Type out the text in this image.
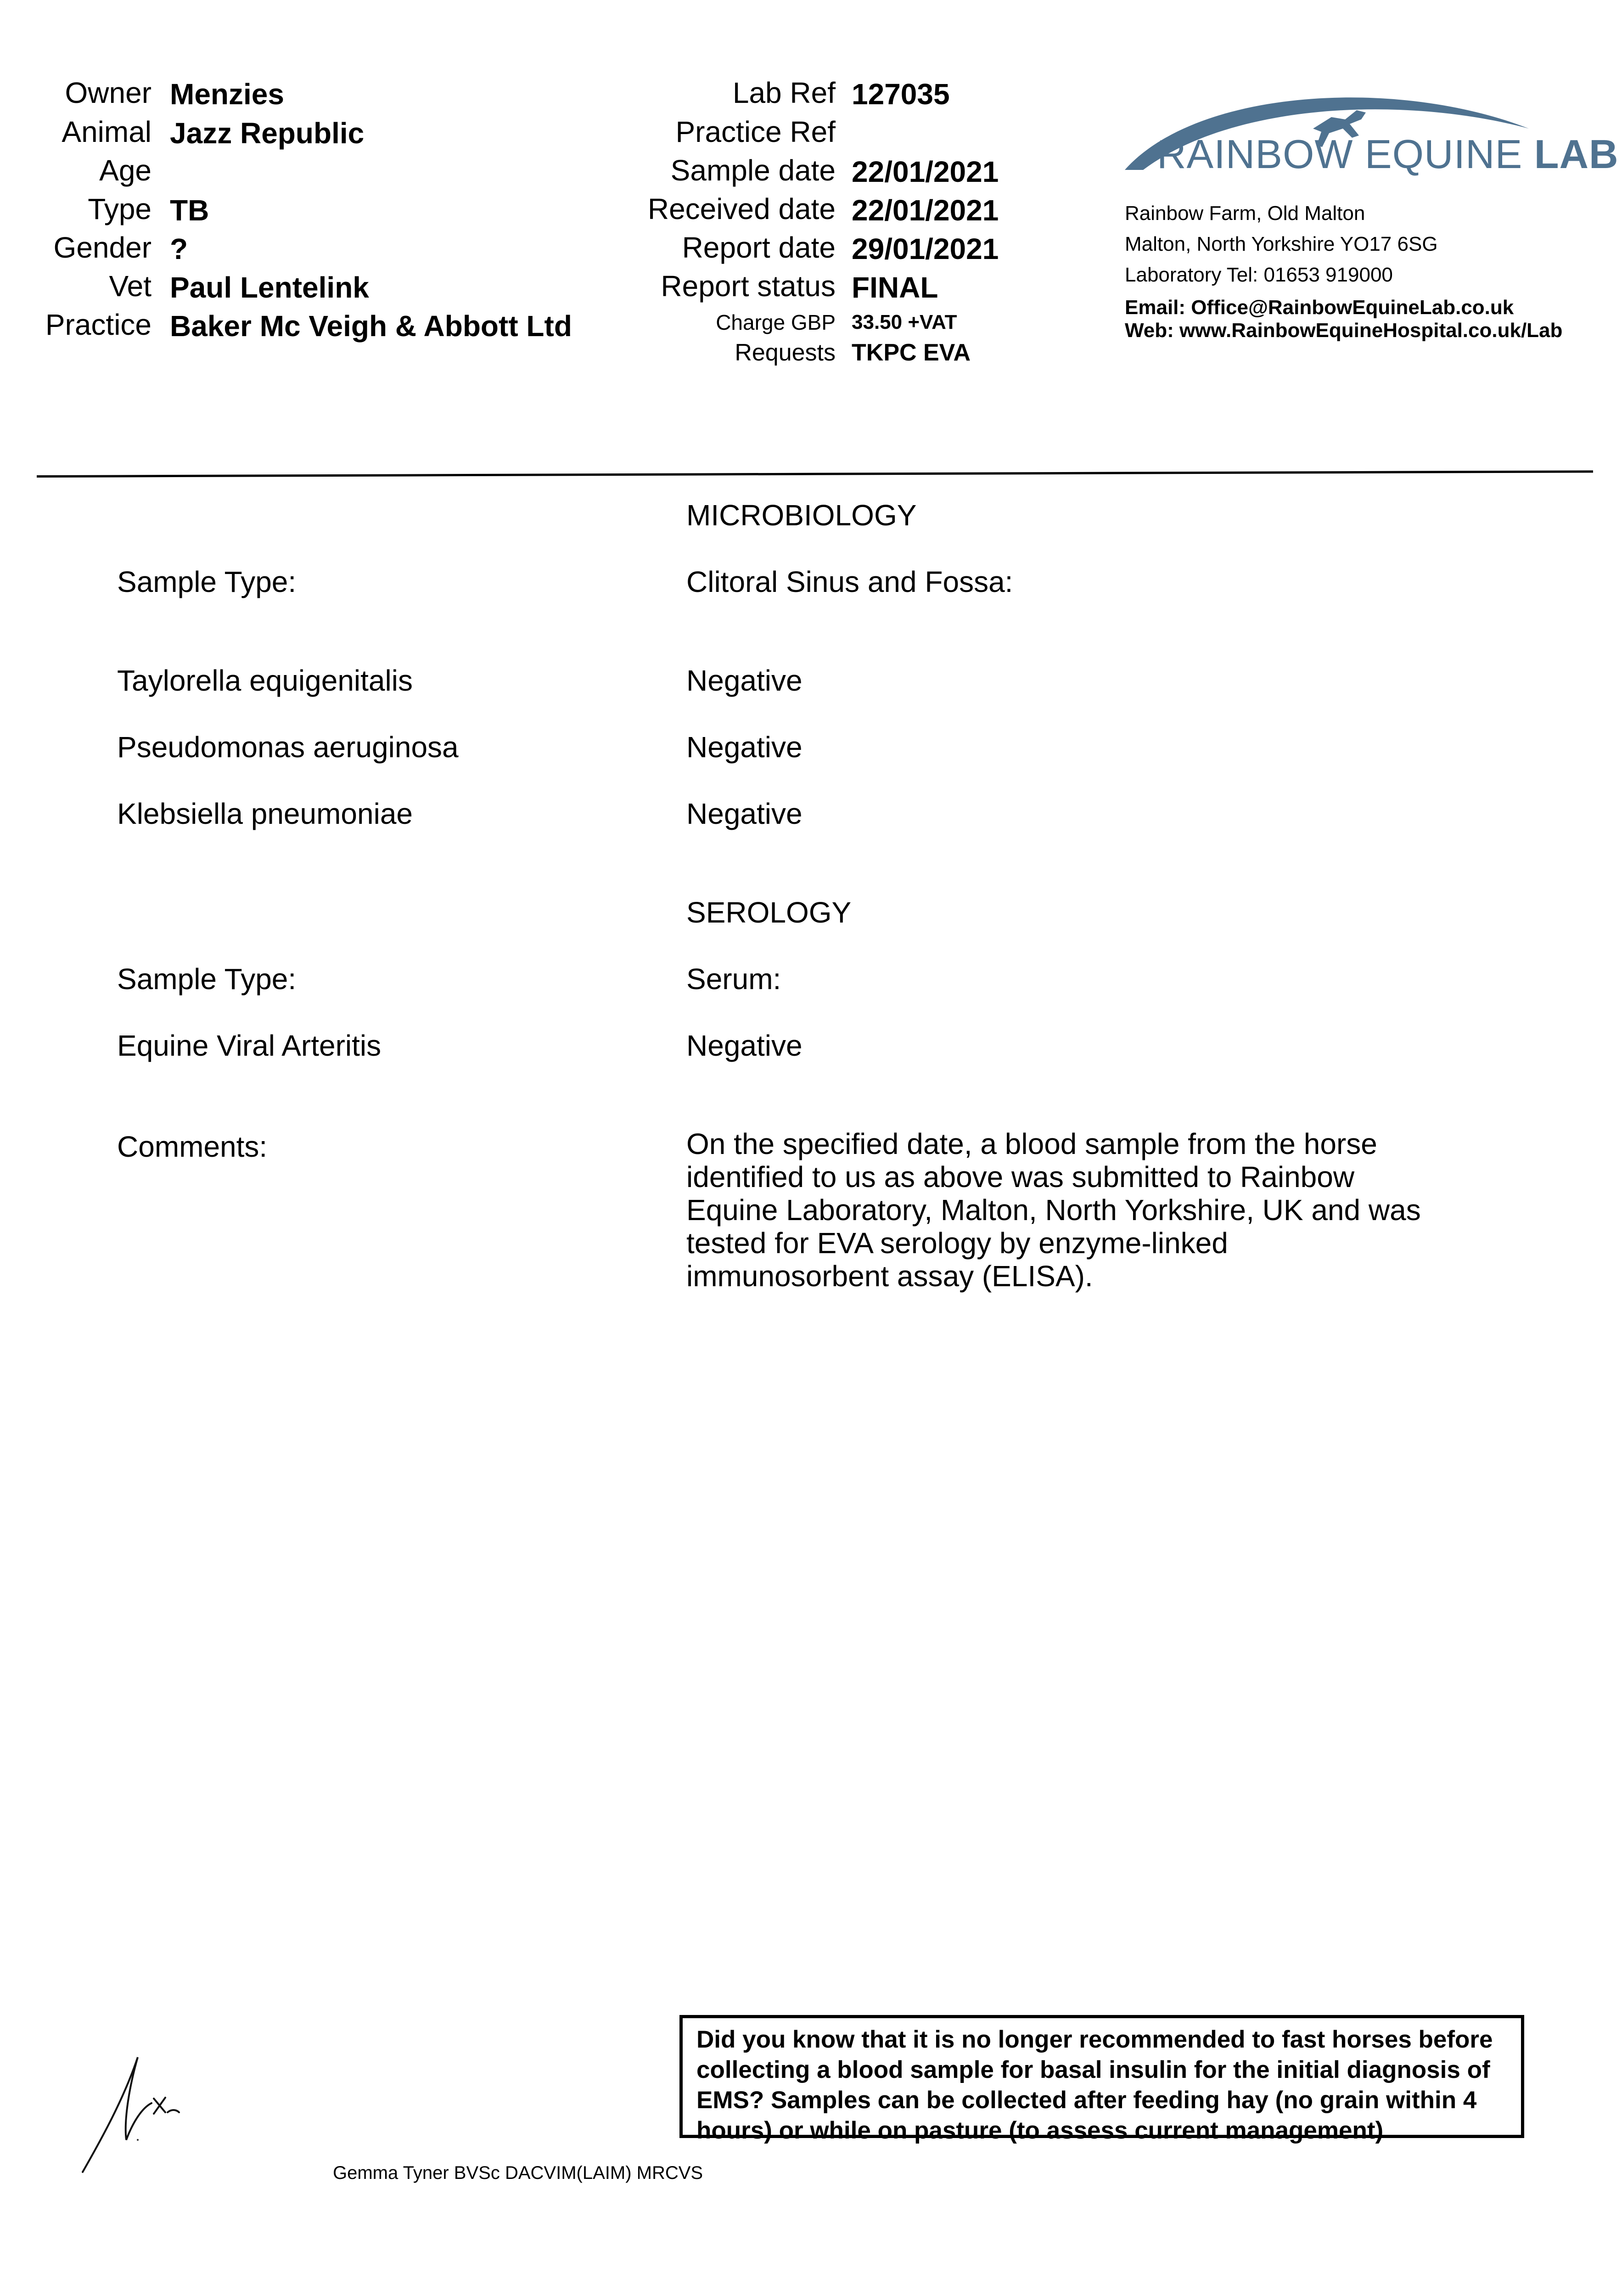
Owner Menzies
Animal Jazz Republic
Age
Type TB
Gender ?
Vet Paul Lentelink
Practice Baker Mc Veigh & Abbott Ltd
Lab Ref 127035
Practice Ref
Sample date 22/01/2021
Received date 22/01/2021
Report date 29/01/2021
Report status FINAL
Charge GBP 33.50 +VAT
Requests TKPC EVA
RAINBOW EQUINE LAB
Rainbow Farm, Old Malton
Malton, North Yorkshire YO17 6SG
Laboratory Tel: 01653 919000
Email: Office@RainbowEquineLab.co.uk
Web: www.RainbowEquineHospital.co.uk/Lab
MICROBIOLOGY
Sample Type:	Clitoral Sinus and Fossa:
Taylorella equigenitalis	Negative
Pseudomonas aeruginosa	Negative
Klebsiella pneumoniae	Negative
SEROLOGY
Sample Type:	Serum:
Equine Viral Arteritis	Negative
Comments:	On the specified date, a blood sample from the horse identified to us as above was submitted to Rainbow Equine Laboratory, Malton, North Yorkshire, UK and was tested for EVA serology by enzyme-linked immunosorbent assay (ELISA).
Did you know that it is no longer recommended to fast horses before collecting a blood sample for basal insulin for the initial diagnosis of EMS? Samples can be collected after feeding hay (no grain within 4 hours) or while on pasture (to assess current management)
Gemma Tyner BVSc DACVIM(LAIM) MRCVS
